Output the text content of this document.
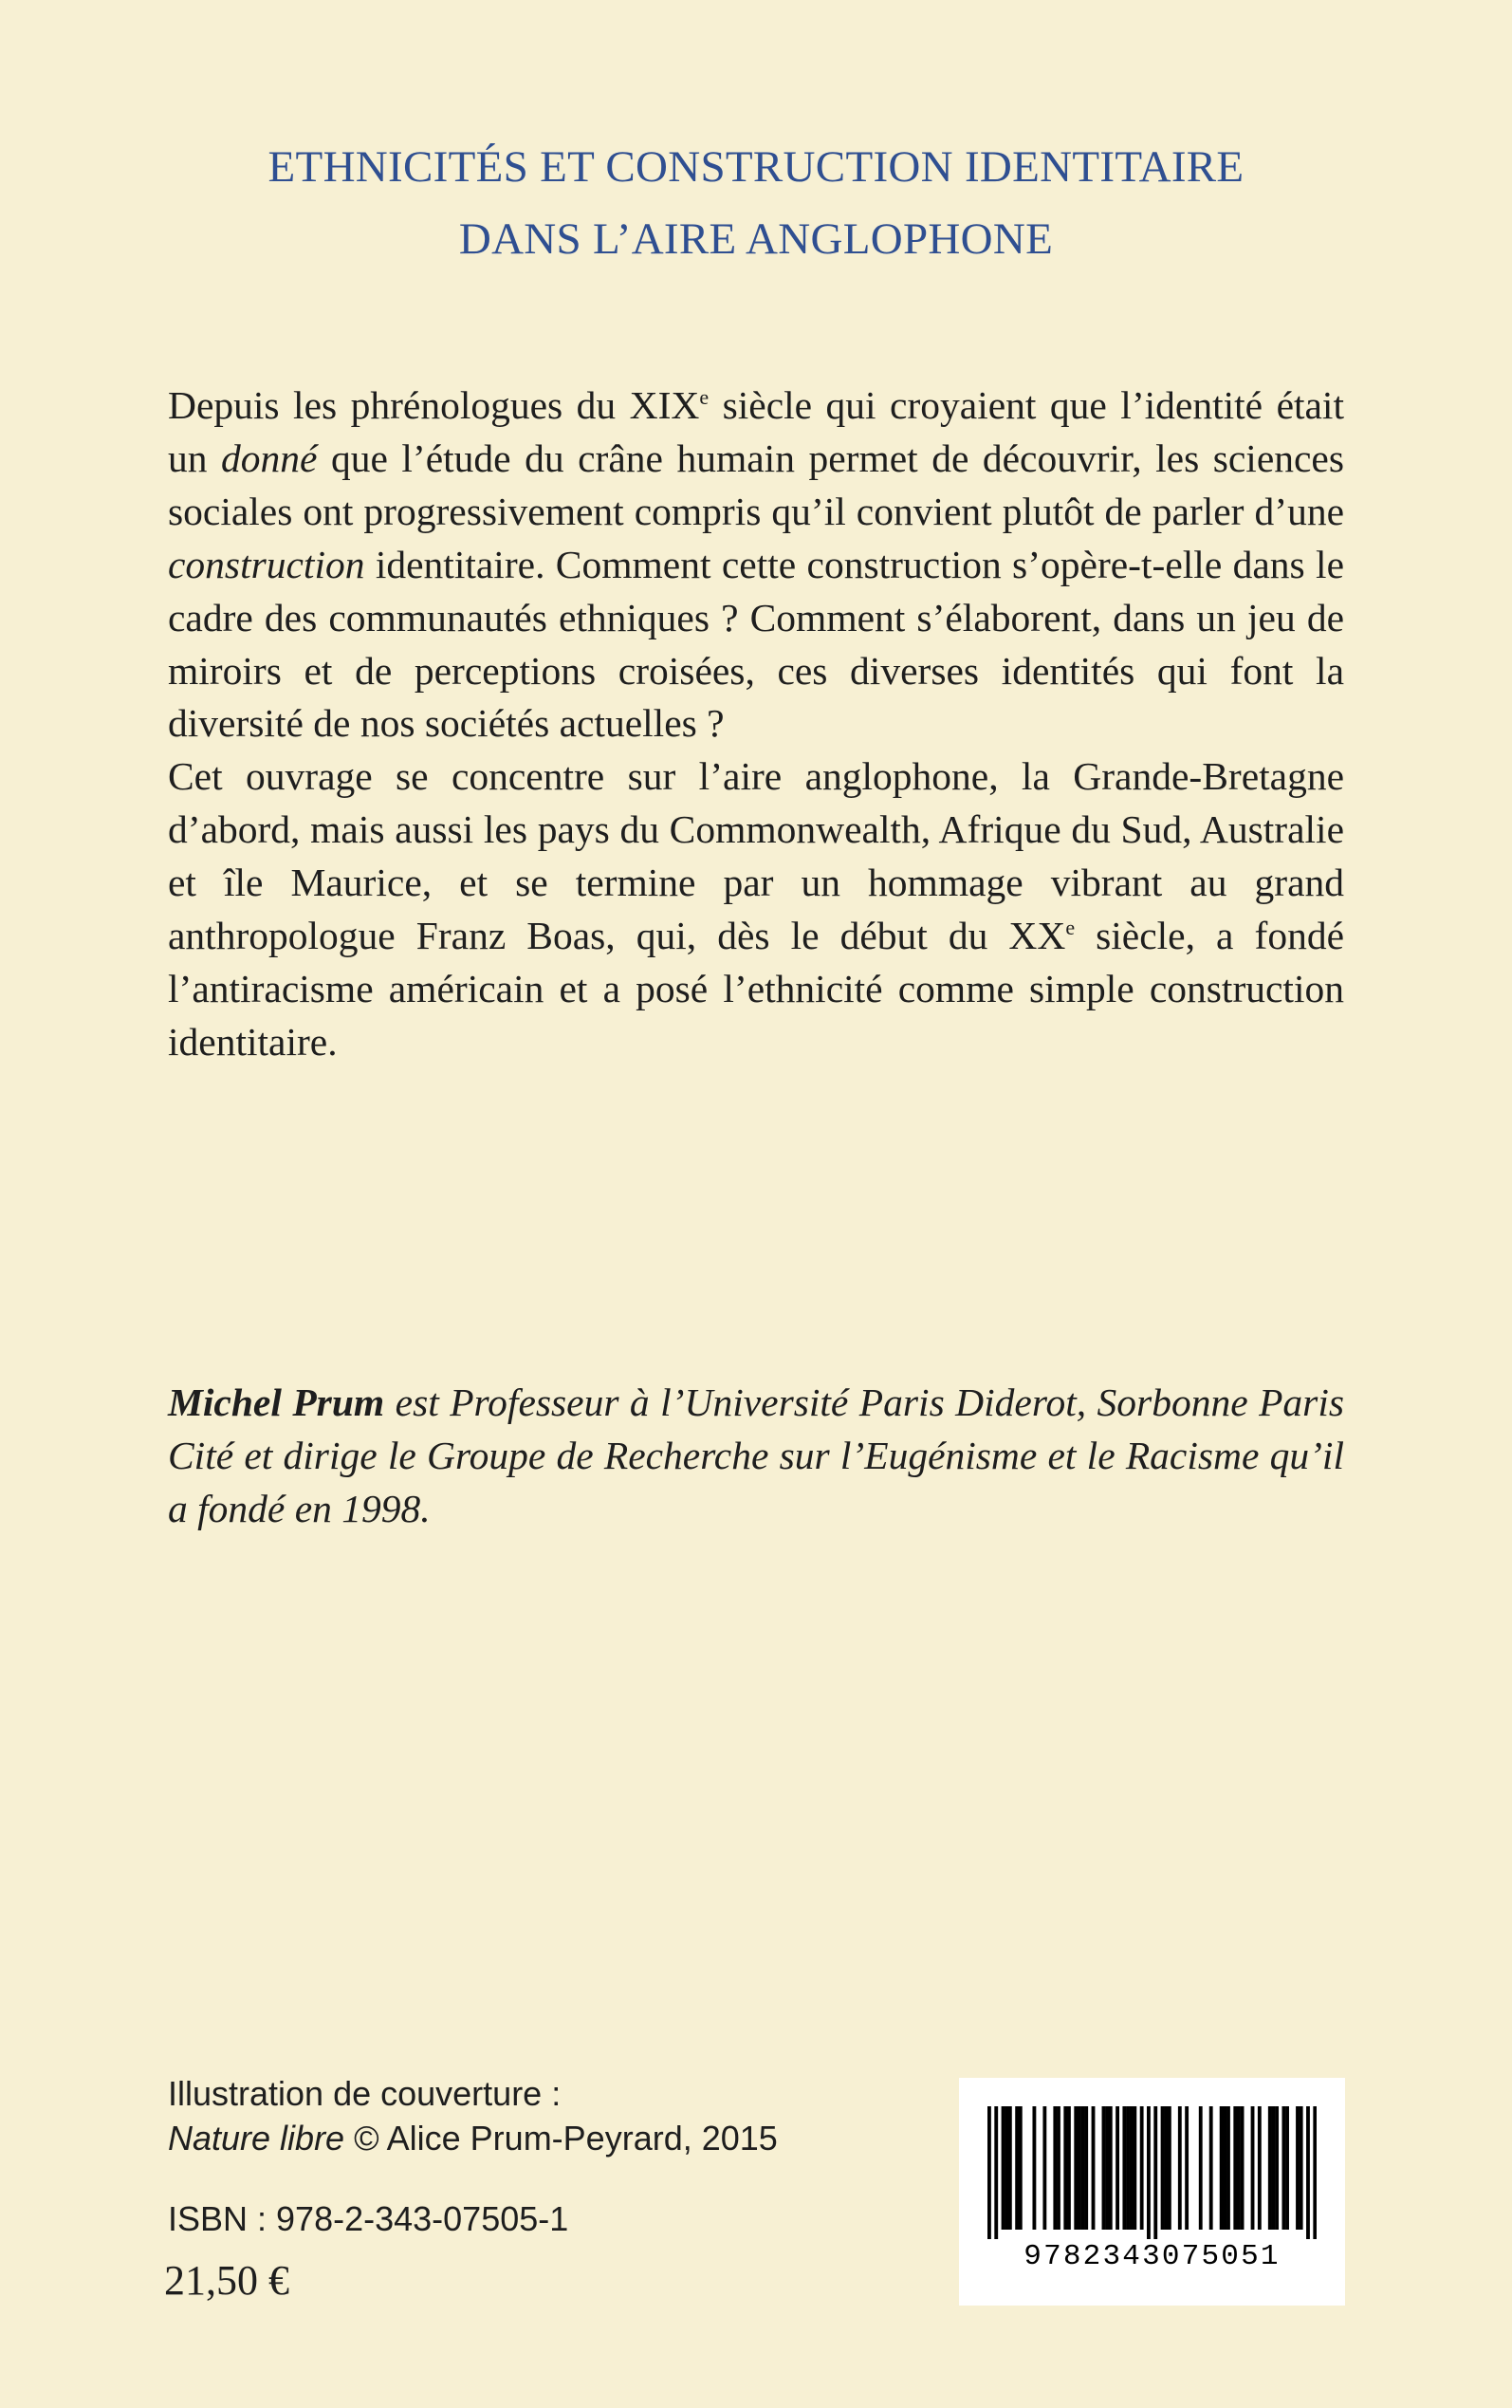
ETHNICITÉS ET CONSTRUCTION IDENTITAIRE
DANS L’AIRE ANGLOPHONE

Depuis les phrénologues du XIXe siècle qui croyaient que l’identité était un donné que l’étude du crâne humain permet de découvrir, les sciences sociales ont progressivement compris qu’il convient plutôt de parler d’une construction identitaire. Comment cette construction s’opère-t-elle dans le cadre des communautés ethniques ? Comment s’élaborent, dans un jeu de miroirs et de perceptions croisées, ces diverses identités qui font la diversité de nos sociétés actuelles ?

Cet ouvrage se concentre sur l’aire anglophone, la Grande-Bretagne d’abord, mais aussi les pays du Commonwealth, Afrique du Sud, Australie et île Maurice, et se termine par un hommage vibrant au grand anthropologue Franz Boas, qui, dès le début du XXe siècle, a fondé l’antiracisme américain et a posé l’ethnicité comme simple construction identitaire.

Michel Prum est Professeur à l’Université Paris Diderot, Sorbonne Paris Cité et dirige le Groupe de Recherche sur l’Eugénisme et le Racisme qu’il a fondé en 1998.

Illustration de couverture :
Nature libre © Alice Prum-Peyrard, 2015
ISBN : 978-2-343-07505-1
21,50 €
9782343075051
